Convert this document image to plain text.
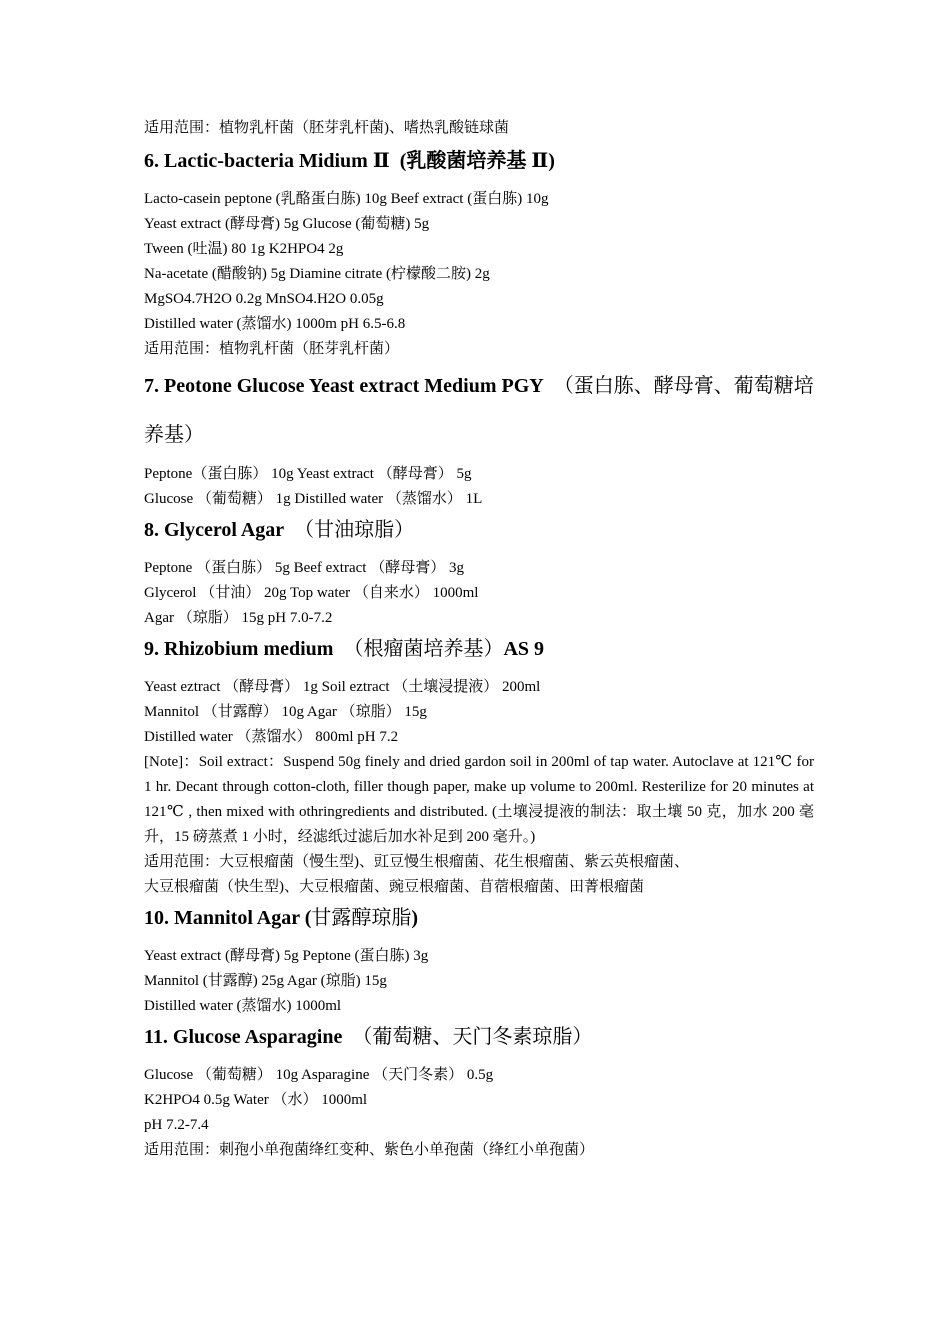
适用范围：植物乳杆菌（胚芽乳杆菌)、嗜热乳酸链球菌

6. Lactic-bacteria Midium Ⅱ (乳酸菌培养基 Ⅱ)

Lacto-casein peptone (乳酪蛋白胨) 10g Beef extract (蛋白胨) 10g

Yeast extract (酵母膏) 5g Glucose (葡萄糖) 5g

Tween (吐温) 80 1g K2HPO4 2g

Na-acetate (醋酸钠) 5g Diamine citrate (柠檬酸二胺) 2g

MgSO4.7H2O 0.2g MnSO4.H2O 0.05g

Distilled water (蒸馏水) 1000m pH 6.5-6.8

适用范围：植物乳杆菌（胚芽乳杆菌）

7. Peotone Glucose Yeast extract Medium PGY （蛋白胨、酵母膏、葡萄糖培养基）

Peptone（蛋白胨） 10g Yeast extract （酵母膏） 5g

Glucose （葡萄糖） 1g Distilled water （蒸馏水） 1L

8. Glycerol Agar （甘油琼脂）

Peptone （蛋白胨） 5g Beef extract （酵母膏） 3g

Glycerol （甘油） 20g Top water （自来水） 1000ml

Agar （琼脂） 15g pH 7.0-7.2

9. Rhizobium medium （根瘤菌培养基）AS 9

Yeast eztract （酵母膏） 1g Soil eztract （土壤浸提液） 200ml

Mannitol （甘露醇） 10g Agar （琼脂） 15g

Distilled water （蒸馏水） 800ml pH 7.2

[Note]：Soil extract：Suspend 50g finely and dried gardon soil in 200ml of tap water. Autoclave at 121℃ for 1 hr. Decant through cotton-cloth, filler though paper, make up volume to 200ml. Resterilize for 20 minutes at 121℃ , then mixed with othringredients and distributed. (土壤浸提液的制法：取土壤 50 克，加水 200 毫升，15 磅蒸煮 1 小时，经滤纸过滤后加水补足到 200 毫升。)

适用范围：大豆根瘤菌（慢生型)、豇豆慢生根瘤菌、花生根瘤菌、紫云英根瘤菌、

大豆根瘤菌（快生型)、大豆根瘤菌、豌豆根瘤菌、苜蓿根瘤菌、田菁根瘤菌

10. Mannitol Agar (甘露醇琼脂)

Yeast extract (酵母膏) 5g Peptone (蛋白胨) 3g

Mannitol (甘露醇) 25g Agar (琼脂) 15g

Distilled water (蒸馏水) 1000ml

11. Glucose Asparagine （葡萄糖、天门冬素琼脂）

Glucose （葡萄糖） 10g Asparagine （天门冬素） 0.5g

K2HPO4 0.5g Water （水） 1000ml

pH 7.2-7.4

适用范围：刺孢小单孢菌绛红变种、紫色小单孢菌（绛红小单孢菌）
